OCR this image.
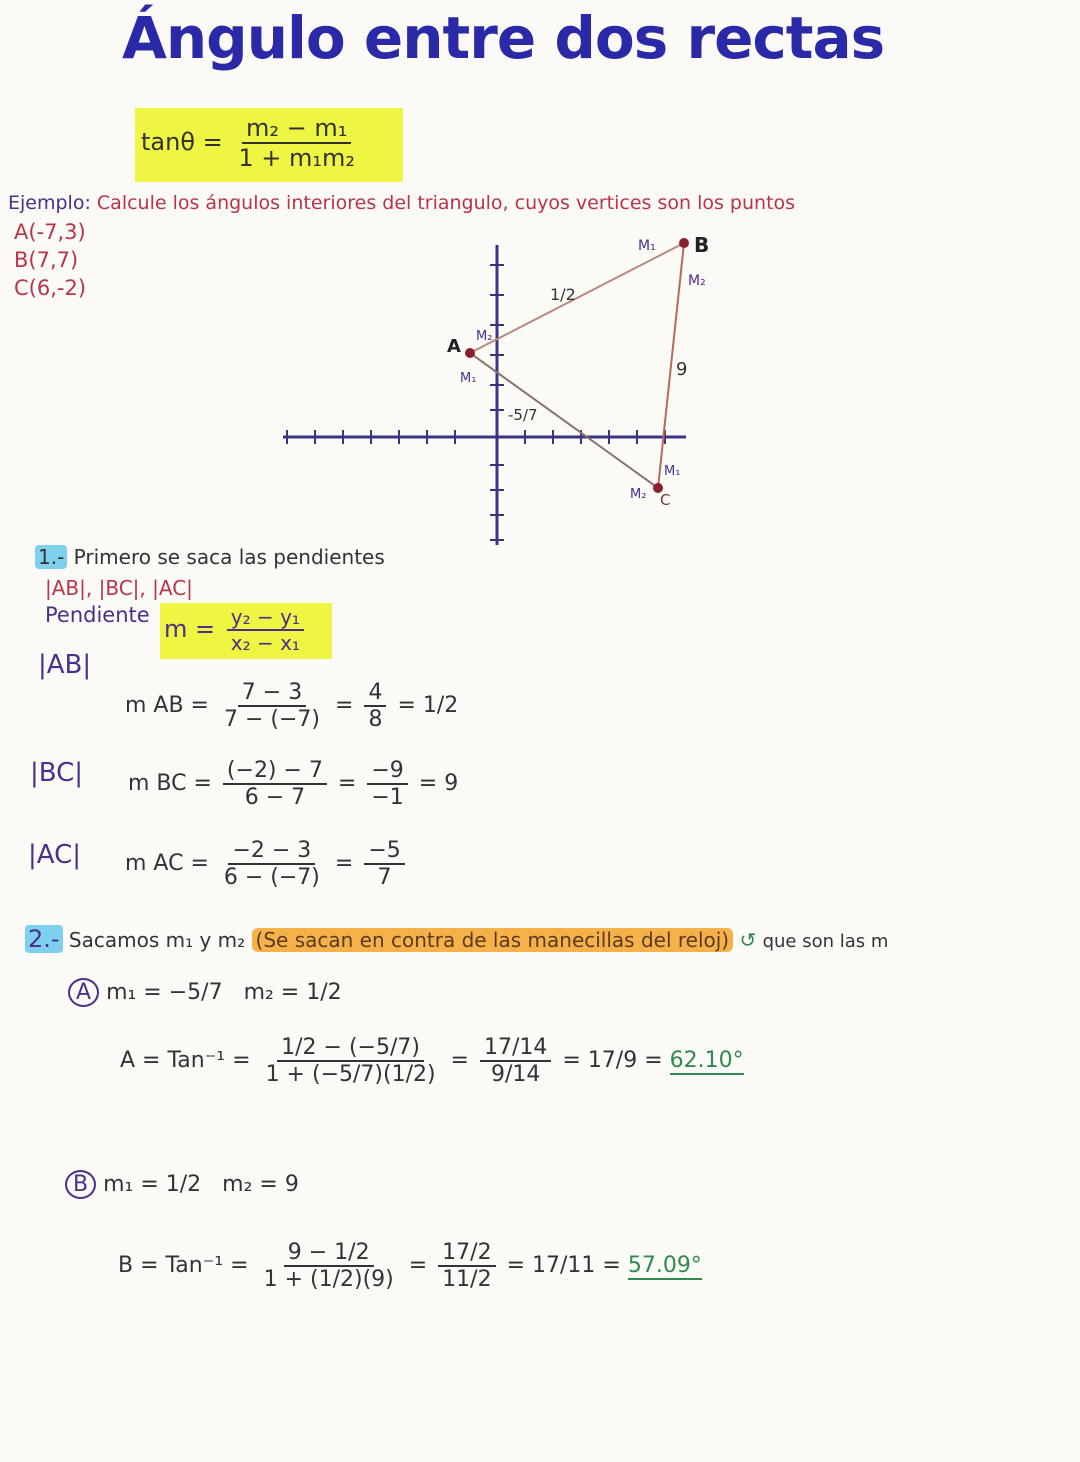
Ángulo entre dos rectas
$\tan\theta = \frac{\text{m₂ − m₁}}{\text{1 + m₁m₂}}$
Ejemplo: Calcule los ángulos interiores del triangulo, cuyos vertices son los puntos
A(-7,3)
B(7,7)
C(6,-2)
A
B
C
M₁
M₂
M₂
M₁
M₁
M₂
1/2
9
-5/7
1.- Primero se saca las pendientes
|AB|, |BC|, |AC|
Pendiente $m = \frac{\text{y₂ − y₁}}{\text{x₂ − x₁}}$
|AB|
m AB = $\frac{7 - 3}{7 - (-7)} = \frac{4}{8} = 1/2$
|BC| m BC = $\frac{(-2) - 7}{6 - 7} = \frac{-9}{-1} = 9$
|AC| m AC = $\frac{-2 - 3}{6 - (-7)} = \frac{-5}{7}$
2.- Sacamos m₁ y m₂ (Se sacan en contra de las manecillas del reloj) ↺ que son las m
A m₁ = −5/7 m₂ = 1/2
$A = Tan^{-1} = \frac{1/2 - (-5/7)}{1 + (-5/7)(1/2)} = \frac{17/14}{9/14} = 17/9 = 62.10^\circ$
B m₁ = 1/2 m₂ = 9
$B = Tan^{-1} = \frac{9 - 1/2}{1 + (1/2)(9)} = \frac{17/2}{11/2} = 17/11 = 57.09^\circ$
